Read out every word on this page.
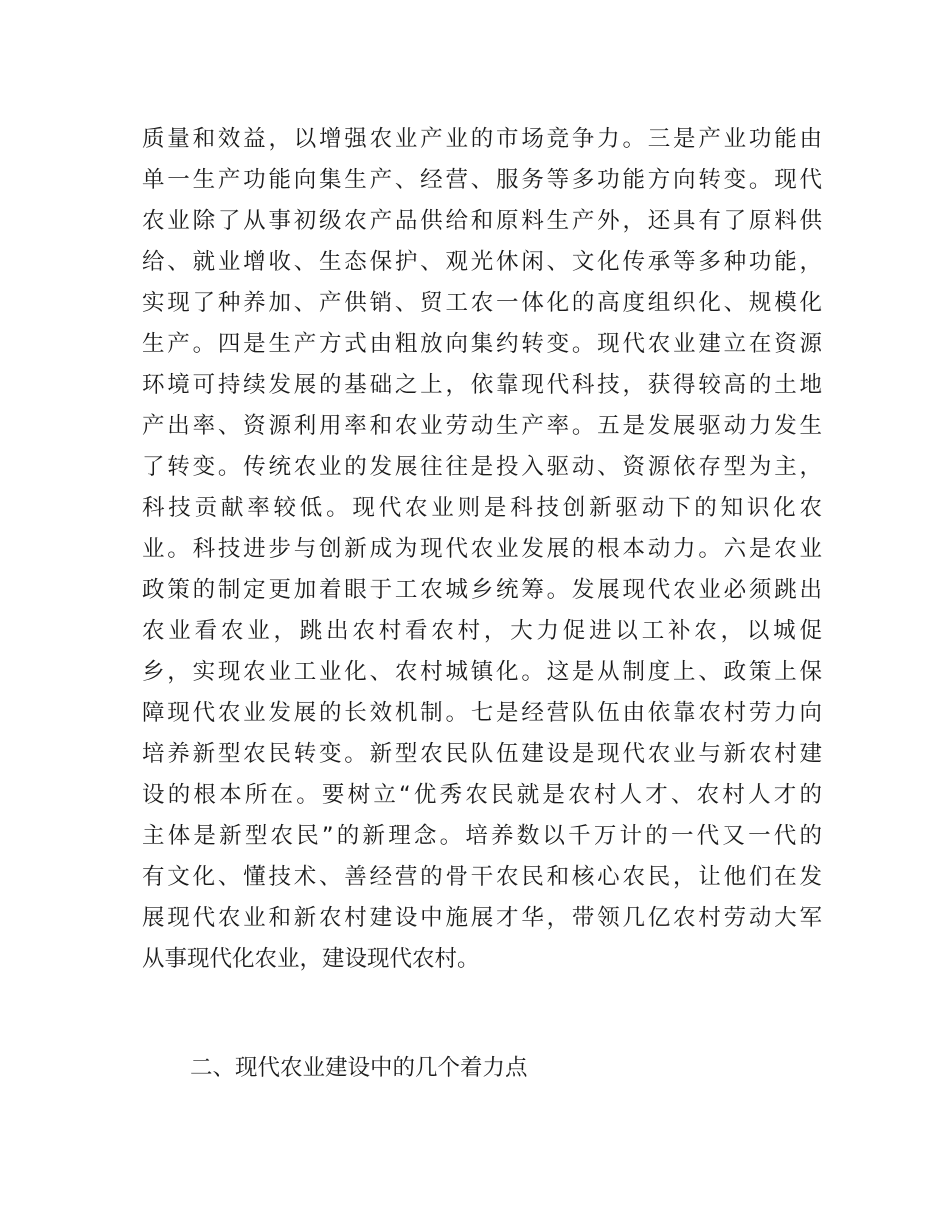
质量和效益，以增强农业产业的市场竞争力。三是产业功能由
单一生产功能向集生产、经营、服务等多功能方向转变。现代
农业除了从事初级农产品供给和原料生产外，还具有了原料供
给、就业增收、生态保护、观光休闲、文化传承等多种功能，
实现了种养加、产供销、贸工农一体化的高度组织化、规模化
生产。四是生产方式由粗放向集约转变。现代农业建立在资源
环境可持续发展的基础之上，依靠现代科技，获得较高的土地
产出率、资源利用率和农业劳动生产率。五是发展驱动力发生
了转变。传统农业的发展往往是投入驱动、资源依存型为主，
科技贡献率较低。现代农业则是科技创新驱动下的知识化农
业。科技进步与创新成为现代农业发展的根本动力。六是农业
政策的制定更加着眼于工农城乡统筹。发展现代农业必须跳出
农业看农业，跳出农村看农村，大力促进以工补农，以城促
乡，实现农业工业化、农村城镇化。这是从制度上、政策上保
障现代农业发展的长效机制。七是经营队伍由依靠农村劳力向
培养新型农民转变。新型农民队伍建设是现代农业与新农村建
设的根本所在。要树立“优秀农民就是农村人才、农村人才的
主体是新型农民”的新理念。培养数以千万计的一代又一代的
有文化、懂技术、善经营的骨干农民和核心农民，让他们在发
展现代农业和新农村建设中施展才华，带领几亿农村劳动大军
从事现代化农业，建设现代农村。

二、现代农业建设中的几个着力点
